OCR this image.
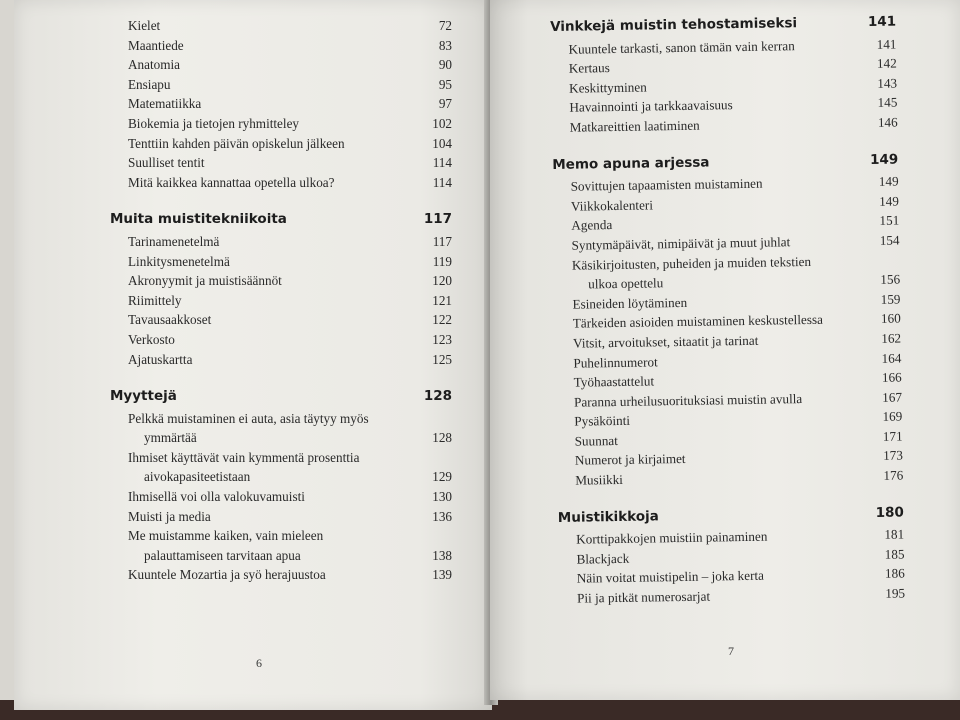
Kielet	72
Maantiede	83
Anatomia	90
Ensiapu	95
Matematiikka	97
Biokemia ja tietojen ryhmitteley	102
Tenttiin kahden päivän opiskelun jälkeen	104
Suulliset tentit	114
Mitä kaikkea kannattaa opetella ulkoa?	114
Muita muistitekniikoita	117
Tarinamenetelmä	117
Linkitysmenetelmä	119
Akronyymit ja muistisäännöt	120
Riimittely	121
Tavausaakkoset	122
Verkosto	123
Ajatuskartta	125
Myyttejä	128
Pelkkä muistaminen ei auta, asia täytyy myös
ymmärtää	128
Ihmiset käyttävät vain kymmentä prosenttia
aivokapasiteetistaan	129
Ihmisellä voi olla valokuvamuisti	130
Muisti ja media	136
Me muistamme kaiken, vain mieleen
palauttamiseen tarvitaan apua	138
Kuuntele Mozartia ja syö herajuustoa	139
6
Vinkkejä muistin tehostamiseksi	141
Kuuntele tarkasti, sanon tämän vain kerran	141
Kertaus	142
Keskittyminen	143
Havainnointi ja tarkkaavaisuus	145
Matkareittien laatiminen	146
Memo apuna arjessa	149
Sovittujen tapaamisten muistaminen	149
Viikkokalenteri	149
Agenda	151
Syntymäpäivät, nimipäivät ja muut juhlat	154
Käsikirjoitusten, puheiden ja muiden tekstien
ulkoa opettelu	156
Esineiden löytäminen	159
Tärkeiden asioiden muistaminen keskustellessa	160
Vitsit, arvoitukset, sitaatit ja tarinat	162
Puhelinnumerot	164
Työhaastattelut	166
Paranna urheilusuorituksiasi muistin avulla	167
Pysäköinti	169
Suunnat	171
Numerot ja kirjaimet	173
Musiikki	176
Muistikikkoja	180
Korttipakkojen muistiin painaminen	181
Blackjack	185
Näin voitat muistipelin – joka kerta	186
Pii ja pitkät numerosarjat	195
7
